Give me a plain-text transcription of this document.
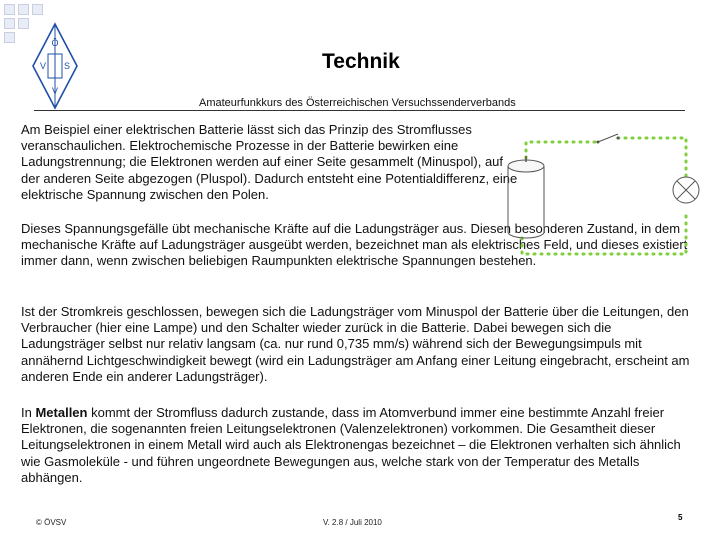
Ö
V S
V
Technik
Amateurfunkkurs des Österreichischen Versuchssenderverbands

Am Beispiel einer elektrischen Batterie lässt sich das Prinzip des Stromflusses veranschaulichen. Elektrochemische Prozesse in der Batterie bewirken eine Ladungstrennung; die Elektronen werden auf einer Seite gesammelt (Minuspol), auf der anderen Seite abgezogen (Pluspol). Dadurch entsteht eine Potentialdifferenz, eine elektrische Spannung zwischen den Polen.

Dieses Spannungsgefälle übt mechanische Kräfte auf die Ladungsträger aus. Diesen besonderen Zustand, in dem mechanische Kräfte auf Ladungsträger ausgeübt werden, bezeichnet man als elektrisches Feld, und dieses existiert immer dann, wenn zwischen beliebigen Raumpunkten elektrische Spannungen bestehen.

Ist der Stromkreis geschlossen, bewegen sich die Ladungsträger vom Minuspol der Batterie über die Leitungen, den Verbraucher (hier eine Lampe) und den Schalter wieder zurück in die Batterie. Dabei bewegen sich die Ladungsträger selbst nur relativ langsam (ca. nur rund 0,735 mm/s) während sich der Bewegungsimpuls mit annähernd Lichtgeschwindigkeit bewegt (wird ein Ladungsträger am Anfang einer Leitung eingebracht, erscheint am anderen Ende ein anderer Ladungsträger).

In Metallen kommt der Stromfluss dadurch zustande, dass im Atomverbund immer eine bestimmte Anzahl freier Elektronen, die sogenannten freien Leitungselektronen (Valenzelektronen) vorkommen. Die Gesamtheit dieser Leitungselektronen in einem Metall wird auch als Elektronengas bezeichnet – die Elektronen verhalten sich ähnlich wie Gasmoleküle - und führen ungeordnete Bewegungen aus, welche stark von der Temperatur des Metalls abhängen.

© ÖVSV	V. 2.8 / Juli 2010
5
